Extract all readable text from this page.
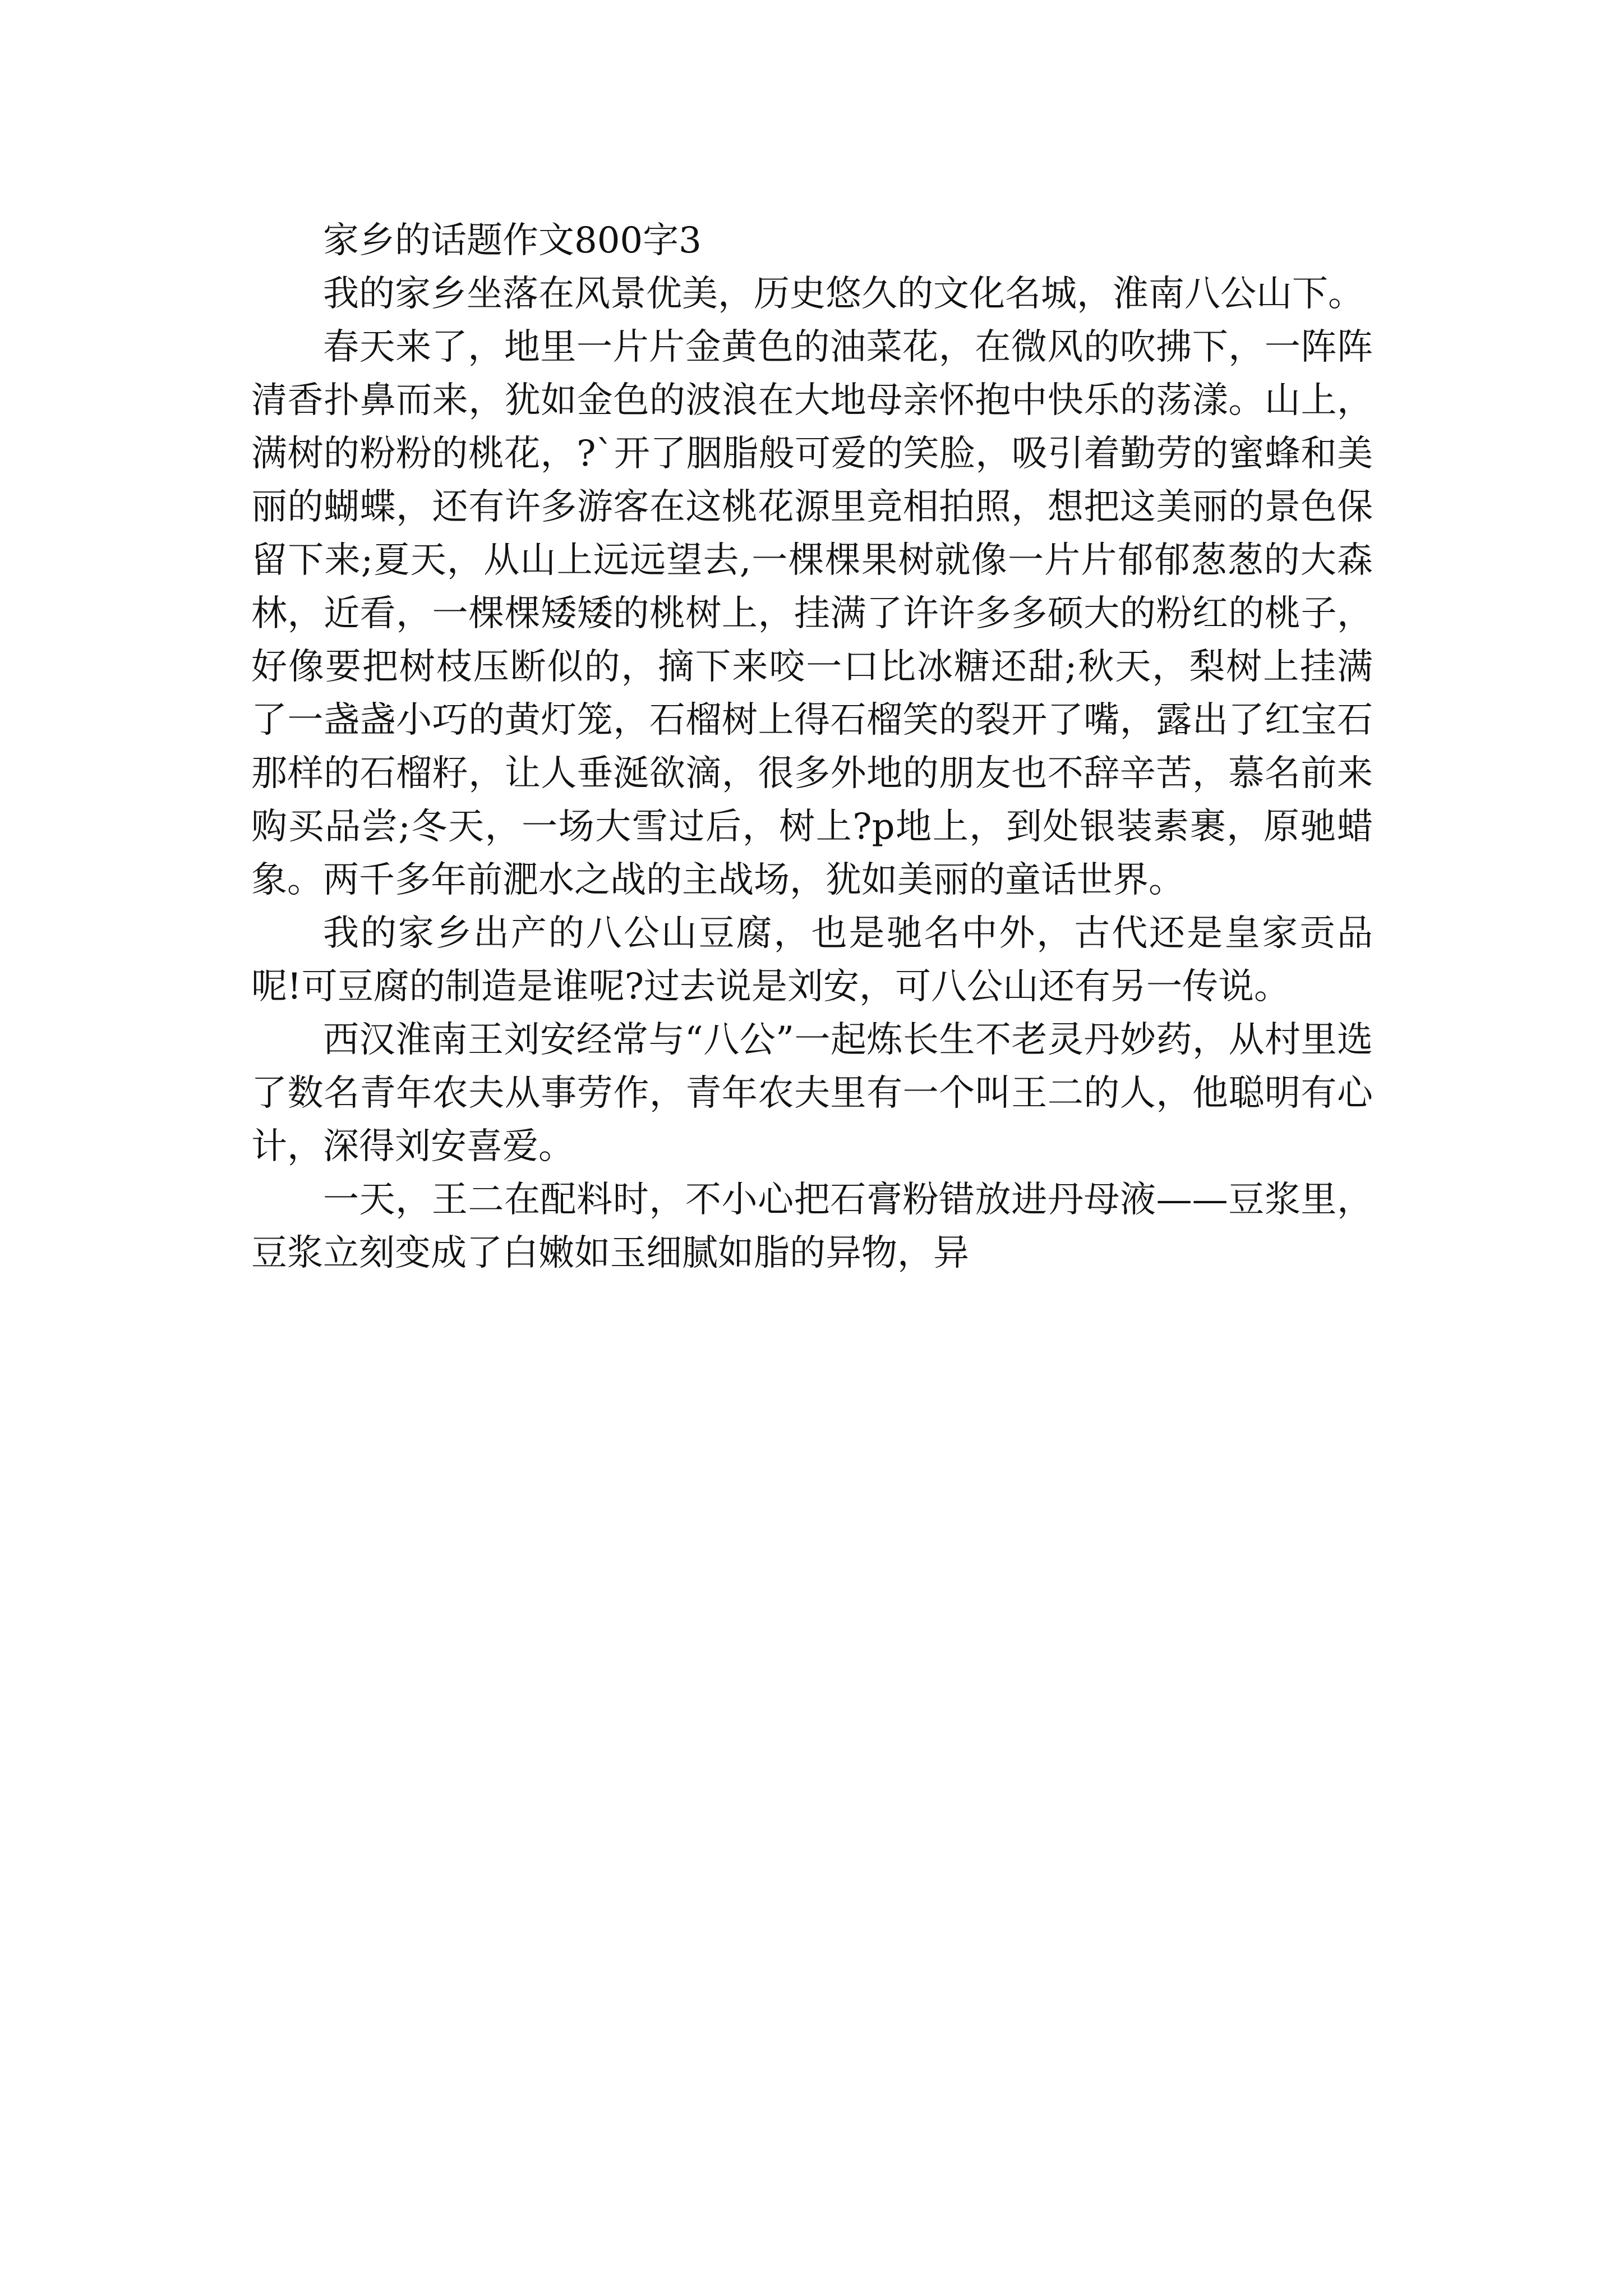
家乡的话题作文800字3

我的家乡坐落在风景优美，历史悠久的文化名城，淮南八公山下。

春天来了，地里一片片金黄色的油菜花，在微风的吹拂下，一阵阵清香扑鼻而来，犹如金色的波浪在大地母亲怀抱中快乐的荡漾。山上，满树的粉粉的桃花，?`开了胭脂般可爱的笑脸，吸引着勤劳的蜜蜂和美丽的蝴蝶，还有许多游客在这桃花源里竞相拍照，想把这美丽的景色保留下来;夏天，从山上远远望去,一棵棵果树就像一片片郁郁葱葱的大森林，近看，一棵棵矮矮的桃树上，挂满了许许多多硕大的粉红的桃子，好像要把树枝压断似的，摘下来咬一口比冰糖还甜;秋天，梨树上挂满了一盏盏小巧的黄灯笼，石榴树上得石榴笑的裂开了嘴，露出了红宝石那样的石榴籽，让人垂涎欲滴，很多外地的朋友也不辞辛苦，慕名前来购买品尝;冬天，一场大雪过后，树上?p地上，到处银装素裹，原驰蜡象。两千多年前淝水之战的主战场，犹如美丽的童话世界。

我的家乡出产的八公山豆腐，也是驰名中外，古代还是皇家贡品呢!可豆腐的制造是谁呢?过去说是刘安，可八公山还有另一传说。

西汉淮南王刘安经常与“八公”一起炼长生不老灵丹妙药，从村里选了数名青年农夫从事劳作，青年农夫里有一个叫王二的人，他聪明有心计，深得刘安喜爱。

一天，王二在配料时，不小心把石膏粉错放进丹母液——豆浆里，豆浆立刻变成了白嫩如玉细腻如脂的异物，异
